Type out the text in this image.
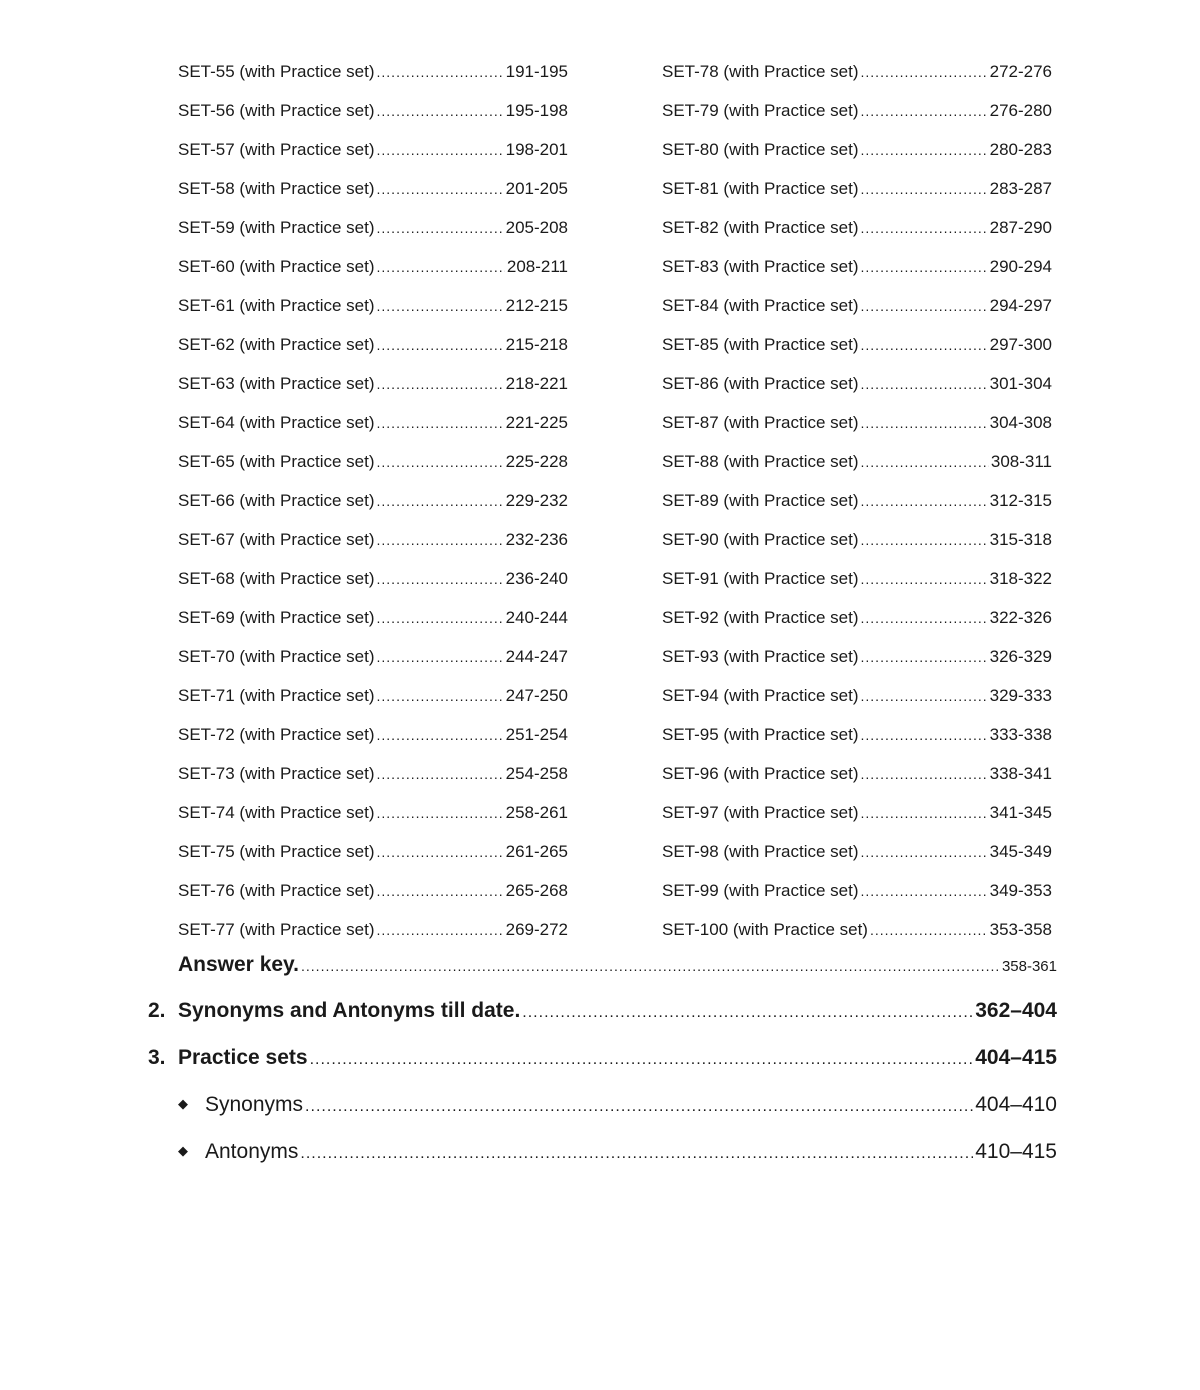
SET-55 (with Practice set) .....	191-195
SET-56 (with Practice set) .....	195-198
SET-57 (with Practice set) .....	198-201
SET-58 (with Practice set) .....	201-205
SET-59 (with Practice set) .....	205-208
SET-60 (with Practice set) .....	208-211
SET-61 (with Practice set) .....	212-215
SET-62 (with Practice set) .....	215-218
SET-63 (with Practice set) .....	218-221
SET-64 (with Practice set) .....	221-225
SET-65 (with Practice set) .....	225-228
SET-66 (with Practice set) .....	229-232
SET-67 (with Practice set) .....	232-236
SET-68 (with Practice set) .....	236-240
SET-69 (with Practice set) .....	240-244
SET-70 (with Practice set) .....	244-247
SET-71 (with Practice set) .....	247-250
SET-72 (with Practice set) .....	251-254
SET-73 (with Practice set) .....	254-258
SET-74 (with Practice set) .....	258-261
SET-75 (with Practice set) .....	261-265
SET-76 (with Practice set) .....	265-268
SET-77 (with Practice set) .....	269-272
SET-78 (with Practice set) .....	272-276
SET-79 (with Practice set) .....	276-280
SET-80 (with Practice set) .....	280-283
SET-81 (with Practice set) .....	283-287
SET-82 (with Practice set) .....	287-290
SET-83 (with Practice set) .....	290-294
SET-84 (with Practice set) .....	294-297
SET-85 (with Practice set) .....	297-300
SET-86 (with Practice set) .....	301-304
SET-87 (with Practice set) .....	304-308
SET-88 (with Practice set) .....	308-311
SET-89 (with Practice set) .....	312-315
SET-90 (with Practice set) .....	315-318
SET-91 (with Practice set) .....	318-322
SET-92 (with Practice set) .....	322-326
SET-93 (with Practice set) .....	326-329
SET-94 (with Practice set) .....	329-333
SET-95 (with Practice set) .....	333-338
SET-96 (with Practice set) .....	338-341
SET-97 (with Practice set) .....	341-345
SET-98 (with Practice set) .....	345-349
SET-99 (with Practice set) .....	349-353
SET-100 (with Practice set) .....	353-358
Answer key. .....	358-361
2. Synonyms and Antonyms till date. .....	362–404
3. Practice sets .....	404–415
◆ Synonyms .....	404–410
◆ Antonyms .....	410–415
